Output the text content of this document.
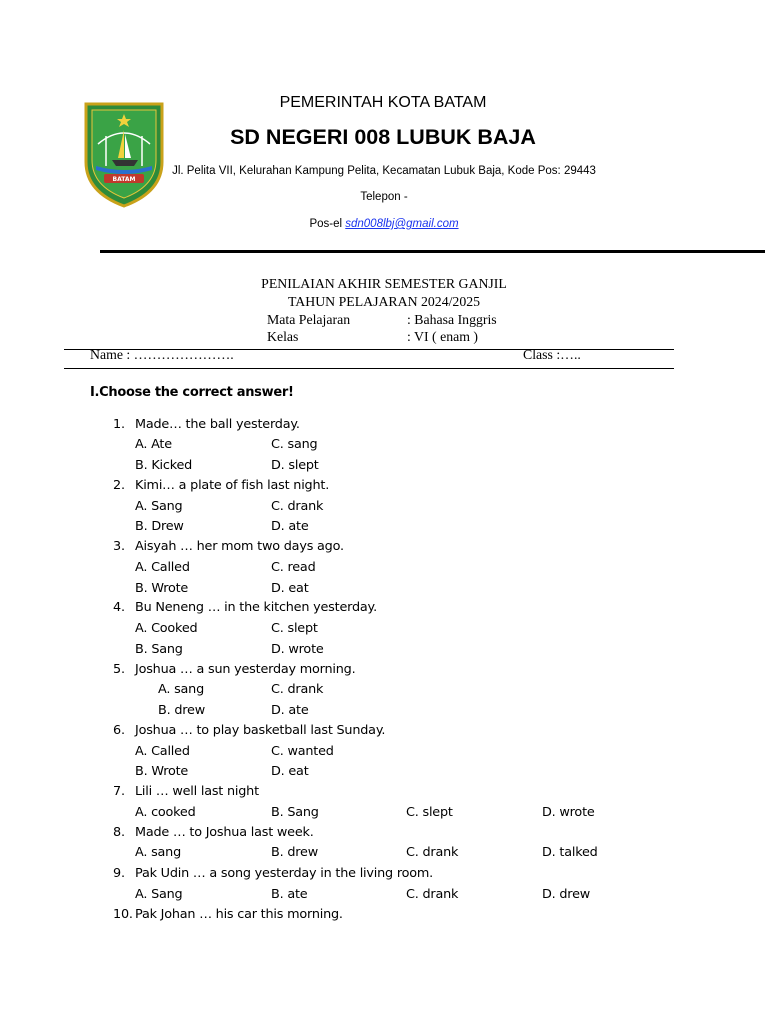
BATAM
PEMERINTAH KOTA BATAM
SD NEGERI 008 LUBUK BAJA
Jl. Pelita VII, Kelurahan Kampung Pelita, Kecamatan Lubuk Baja, Kode Pos: 29443
Telepon -
Pos-el sdn008lbj@gmail.com
PENILAIAN AKHIR SEMESTER GANJIL
TAHUN PELAJARAN 2024/2025
Mata Pelajaran	: Bahasa Inggris
Kelas	: VI ( enam )
Name : ………………….	Class :…..
I.Choose the correct answer!
1. Made… the ball yesterday.
A. Ate	C. sang
B. Kicked	D. slept
2. Kimi… a plate of fish last night.
A. Sang	C. drank
B. Drew	D. ate
3. Aisyah … her mom two days ago.
A. Called	C. read
B. Wrote	D. eat
4. Bu Neneng … in the kitchen yesterday.
A. Cooked	C. slept
B. Sang	D. wrote
5. Joshua … a sun yesterday morning.
A. sang	C. drank
B. drew	D. ate
6. Joshua … to play basketball last Sunday.
A. Called	C. wanted
B. Wrote	D. eat
7. Lili … well last night
A. cooked	B. Sang	C. slept	D. wrote
8. Made … to Joshua last week.
A. sang	B. drew	C. drank	D. talked
9. Pak Udin … a song yesterday in the living room.
A. Sang	B. ate	C. drank	D. drew
10. Pak Johan … his car this morning.
